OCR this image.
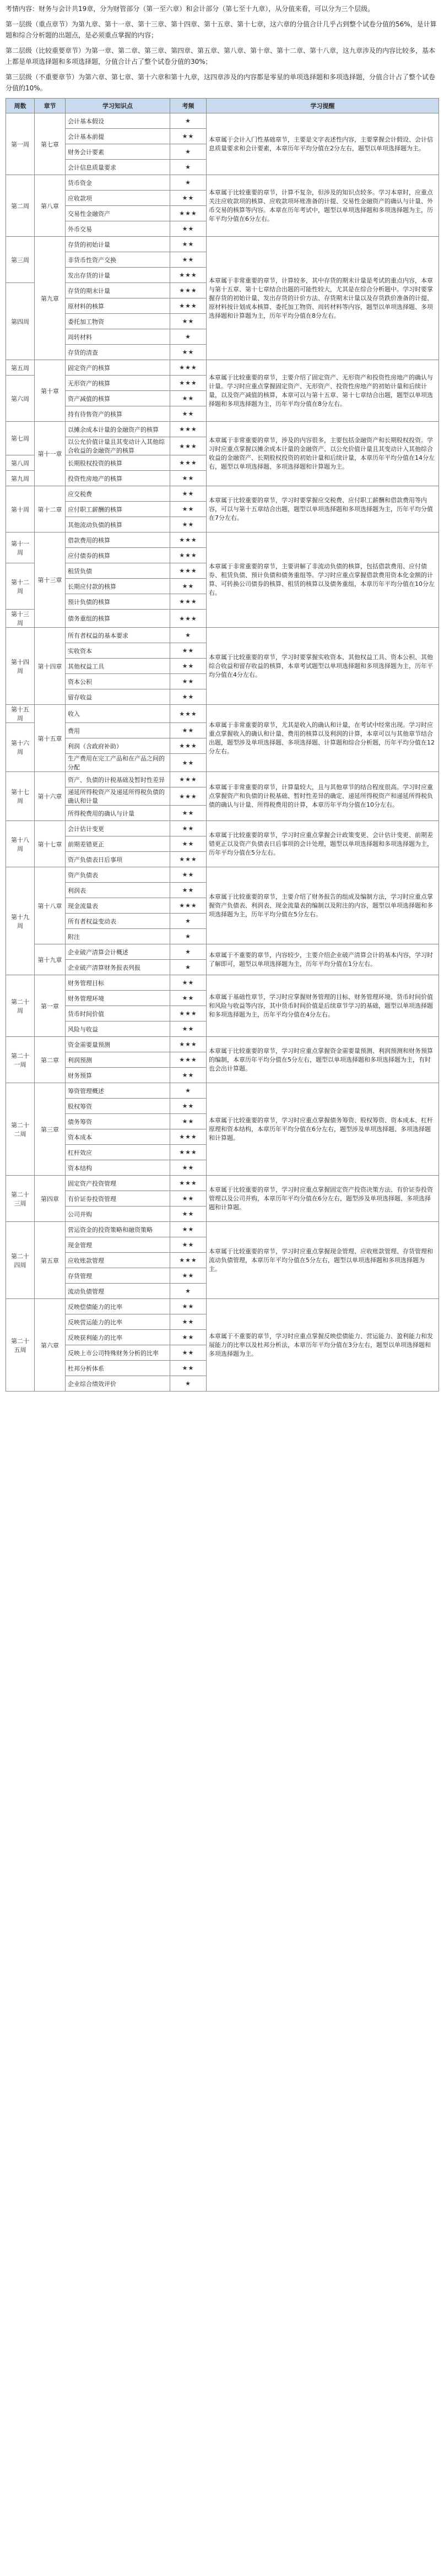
考情内容：财务与会计共19章，分为财管部分（第一至六章）和会计部分（第七至十九章），从分值来看，可以分为三个层级。

第一层级（重点章节）为第九章、第十一章、第十三章、第十四章、第十五章、第十七章，这六章的分值合计几乎占到整个试卷分值的56%，是计算题和综合分析题的出题点，是必须重点掌握的内容；

第二层级（比较重要章节）为第一章、第二章、第三章、第四章、第五章、第八章、第十章、第十二章、第十八章，这九章涉及的内容比较多，基本上都是单项选择题和多项选择题，分值合计占了整个试卷分值的30%；

第三层级（不重要章节）为第六章、第七章、第十六章和第十九章，这四章涉及的内容都是零星的单项选择题和多项选择题，分值合计占了整个试卷分值的10%。

周数	章节	学习知识点	考频	学习提醒
第一周	第七章	会计基本假设	★	本章属于会计入门性基础章节，主要是文字表述性内容，主要掌握会计假设、会计信息质量要求和会计要素，本章历年平均分值在2分左右，题型以单项选择题为主。
		会计基本前提	★★	
		财务会计要素	★	
		会计信息质量要求	★	
第二周	第八章	货币资金	★	本章属于比较重要的章节，计算不复杂，但涉及的知识点较多。学习本章时，应重点关注应收款项的核算、应收款项坏账准备的计提、交易性金融资产的确认与计量、外币交易的核算等内容。本章在历年考试中，题型以单项选择题和多项选择题为主，历年平均分值在6分左右。
		应收款项	★★	
		交易性金融资产	★★★	
		外币交易	★★	
第三周	第九章	存货的初始计量	★★	本章属于非常重要的章节，计算较多，其中存货的期末计量是考试的重点内容，本章与第十五章、第十七章结合出题的可能性较大，尤其是在综合分析题中。学习时要掌握存货的初始计量、发出存货的计价方法、存货期末计量以及存货跌价准备的计提、原材料按计划成本核算、委托加工物资、周转材料等内容，题型以单项选择题、多项选择题和计算题为主，历年平均分值在8分左右。
		非货币性资产交换	★★	
		发出存货的计量	★★★	
第四周		存货的期末计量	★★★	
		原材料的核算	★★★	
		委托加工物资	★★	
		周转材料	★	
		存货的清查	★★	
第五周	第十章	固定资产的核算	★★★	本章属于比较重要的章节，主要介绍了固定资产、无形资产和投资性房地产的确认与计量。学习时应重点掌握固定资产、无形资产、投资性房地产的初始计量和后续计量，以及资产减值的核算，本章可以与第十五章、第十七章结合出题，题型以单项选择题和多项选择题为主，历年平均分值在8分左右。
第六周		无形资产的核算	★★★	
		资产减值的核算	★★	
		持有待售资产的核算	★★	
第七周	第十一章	以摊余成本计量的金融资产的核算	★★★	本章属于非常重要的章节，涉及的内容很多，主要包括金融资产和长期股权投资。学习时应重点掌握以摊余成本计量的金融资产、以公允价值计量且其变动计入其他综合收益的金融资产、长期股权投资的初始计量和后续计量，本章历年平均分值在14分左右，题型以单项选择题、多项选择题和计算题为主。
		以公允价值计量且其变动计入其他综合收益的金融资产的核算	★★★	
第八周		长期股权投资的核算	★★★	
第九周		投资性房地产的核算	★★	
第十周	第十二章	应交税费	★★	本章属于比较重要的章节，学习时要掌握应交税费、应付职工薪酬和借款费用等内容，可以与第十五章结合出题，题型以单项选择题和多项选择题为主，历年平均分值在7分左右。
		应付职工薪酬的核算	★★	
		其他流动负债的核算	★★	
第十一周	第十三章	借款费用的核算	★★★	本章属于非常重要的章节，主要讲解了非流动负债的核算，包括借款费用、应付债券、租赁负债、预计负债和债务重组等。学习时应重点掌握借款费用资本化金额的计算、可转换公司债券的核算、租赁的核算以及债务重组，本章历年平均分值在10分左右。
		应付债券的核算	★★★	
第十二周		租赁负债	★★★	
		长期应付款的核算	★★	
		预计负债的核算	★★★	
第十三周		债务重组的核算	★★★	
第十四周	第十四章	所有者权益的基本要求	★	本章属于比较重要的章节，学习时要掌握实收资本、其他权益工具、资本公积、其他综合收益和留存收益的核算，本章考试题型以单项选择题和多项选择题为主，历年平均分值在4分左右。
		实收资本	★★	
		其他权益工具	★★	
		资本公积	★★	
		留存收益	★★	
第十五周	第十五章	收入	★★★	本章属于非常重要的章节，尤其是收入的确认和计量，在考试中经常出现。学习时应重点掌握收入的确认和计量、费用的核算以及利润的计算，本章可以与其他章节结合出题，题型涉及单项选择题、多项选择题、计算题和综合分析题，历年平均分值在12分左右。
第十六周		费用	★★	
		利润（含政府补助）	★★★	
		生产费用在完工产品和在产品之间的分配	★★	
第十七周	第十六章	资产、负债的计税基础及暂时性差异	★★★	本章属于非常重要的章节，计算量较大，且与其他章节的结合程度很高。学习时应重点掌握资产和负债的计税基础、暂时性差异的确定、递延所得税资产和递延所得税负债的确认与计量、所得税费用的计算，本章历年平均分值在10分左右。
		递延所得税资产及递延所得税负债的确认和计量	★★★	
		所得税费用的确认与计量	★★	
第十八周	第十七章	会计估计变更	★★	本章属于比较重要的章节，学习时应重点掌握会计政策变更、会计估计变更、前期差错更正以及资产负债表日后事项的会计处理，题型以单项选择题和多项选择题为主，历年平均分值在5分左右。
		前期差错更正	★★	
		资产负债表日后事项	★★★	
第十九周	第十八章	资产负债表	★★	本章属于比较重要的章节，主要介绍了财务报告的组成及编制方法，学习时应重点掌握资产负债表、利润表、现金流量表的编制以及附注的内容，题型以单项选择题和多项选择题为主，历年平均分值在5分左右。
		利润表	★★	
		现金流量表	★★★	
		所有者权益变动表	★	
		附注	★	
	第十九章	企业破产清算会计概述	★	本章属于不重要的章节，内容较少，主要介绍企业破产清算会计的基本内容，学习时了解即可，题型以单项选择题为主，历年平均分值在1分左右。
		企业破产清算财务报表列报	★	
第二十周	第一章	财务管理目标	★★	本章属于基础性章节，学习时应掌握财务管理的目标、财务管理环境、货币时间价值和风险与收益等内容，其中货币时间价值是后续章节学习的基础，题型以单项选择题和多项选择题为主，历年平均分值在4分左右。
		财务管理环境	★★	
		货币时间价值	★★★	
		风险与收益	★★	
第二十一周	第二章	资金需要量预测	★★★	本章属于比较重要的章节，学习时应重点掌握资金需要量预测、利润预测和财务预算的编制，本章历年平均分值在5分左右，题型以单项选择题和多项选择题为主，有时也会出计算题。
		利润预测	★★★	
		财务预算	★★	
第二十二周	第三章	筹资管理概述	★	本章属于比较重要的章节，学习时应重点掌握债务筹资、股权筹资、资本成本、杠杆原理和资本结构，本章历年平均分值在6分左右，题型涉及单项选择题、多项选择题和计算题。
		股权筹资	★★	
		债务筹资	★★	
		资本成本	★★★	
		杠杆效应	★★★	
		资本结构	★★	
第二十三周	第四章	固定资产投资管理	★★★	本章属于比较重要的章节，学习时应重点掌握固定资产投资决策方法、有价证券投资管理以及公司并购，本章历年平均分值在6分左右，题型涉及单项选择题、多项选择题和计算题。
		有价证券投资管理	★★	
		公司并购	★★	
第二十四周	第五章	营运资金的投资策略和融资策略	★★	本章属于比较重要的章节，学习时应重点掌握现金管理、应收账款管理、存货管理和流动负债管理，本章历年平均分值在5分左右，题型以单项选择题和多项选择题为主。
		现金管理	★★	
		应收账款管理	★★★	
		存货管理	★★	
		流动负债管理	★	
第二十五周	第六章	反映偿债能力的比率	★★	本章属于不重要的章节，学习时应重点掌握反映偿债能力、营运能力、盈利能力和发展能力的比率以及杜邦分析法，本章历年平均分值在3分左右，题型以单项选择题和多项选择题为主。
		反映营运能力的比率	★★	
		反映获利能力的比率	★★	
		反映上市公司特殊财务分析的比率	★★	
		杜邦分析体系	★★	
		企业综合绩效评价	★	
